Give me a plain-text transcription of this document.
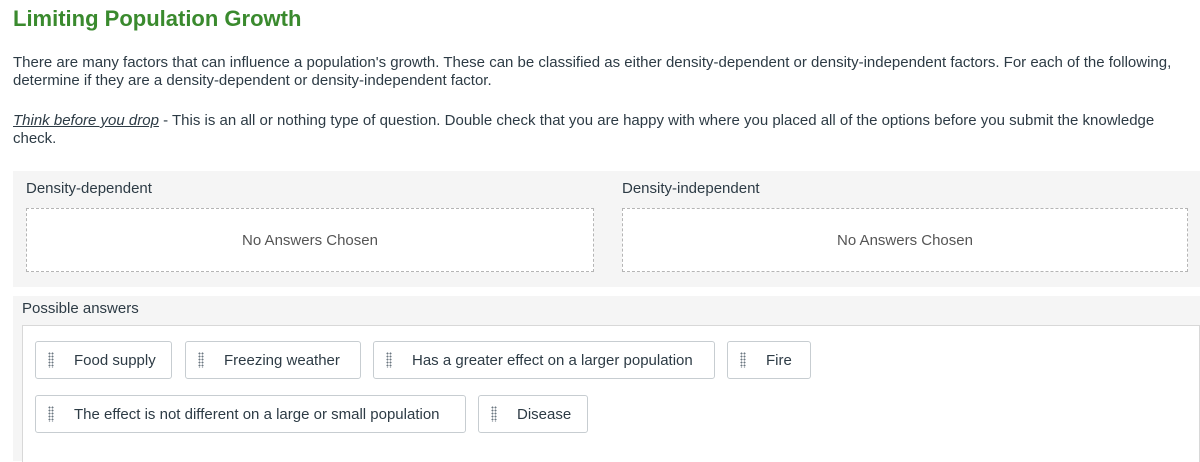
Limiting Population Growth

There are many factors that can influence a population's growth. These can be classified as either density-dependent or density-independent factors. For each of the following, determine if they are a density-dependent or density-independent factor.

Think before you drop - This is an all or nothing type of question. Double check that you are happy with where you placed all of the options before you submit the knowledge check.

Density-dependent
No Answers Chosen
Density-independent
No Answers Chosen
Possible answers
Food supply	Freezing weather	Has a greater effect on a larger population	Fire
The effect is not different on a large or small population	Disease
